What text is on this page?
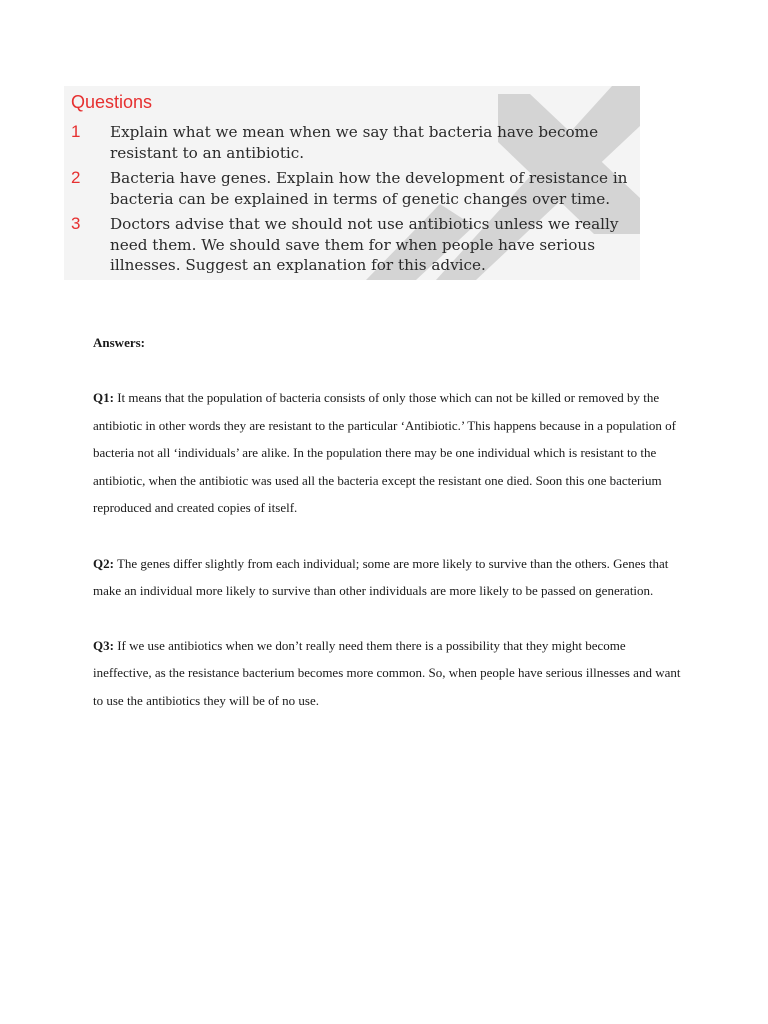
Questions
1 Explain what we mean when we say that bacteria have become resistant to an antibiotic.
2 Bacteria have genes. Explain how the development of resistance in bacteria can be explained in terms of genetic changes over time.
3 Doctors advise that we should not use antibiotics unless we really need them. We should save them for when people have serious illnesses. Suggest an explanation for this advice.

Answers:

Q1: It means that the population of bacteria consists of only those which can not be killed or removed by the antibiotic in other words they are resistant to the particular ‘Antibiotic.’ This happens because in a population of bacteria not all ‘individuals’ are alike. In the population there may be one individual which is resistant to the antibiotic, when the antibiotic was used all the bacteria except the resistant one died. Soon this one bacterium reproduced and created copies of itself.

Q2: The genes differ slightly from each individual; some are more likely to survive than the others. Genes that make an individual more likely to survive than other individuals are more likely to be passed on generation.

Q3: If we use antibiotics when we don’t really need them there is a possibility that they might become ineffective, as the resistance bacterium becomes more common. So, when people have serious illnesses and want to use the antibiotics they will be of no use.
